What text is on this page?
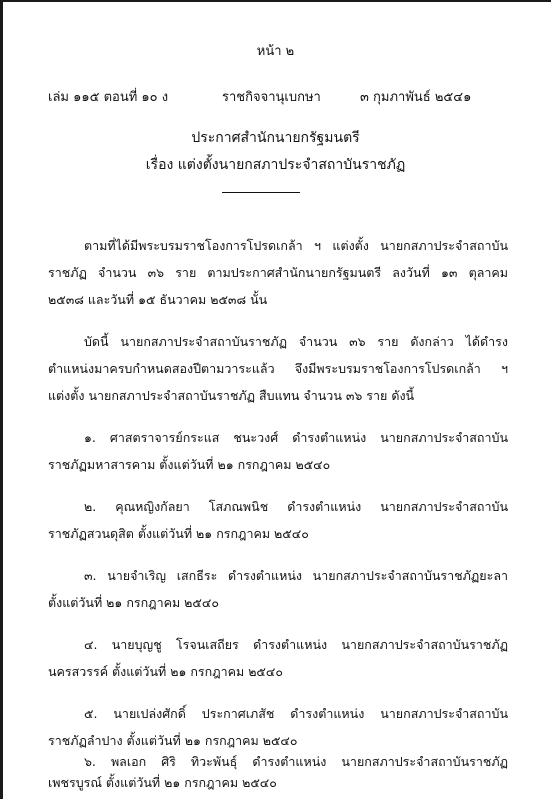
หน้า ๒
เล่ม ๑๑๕ ตอนที่ ๑๐ ง	ราชกิจจานุเบกษา	๓ กุมภาพันธ์ ๒๕๔๑
ประกาศสำนักนายกรัฐมนตรี
เรื่อง แต่งตั้งนายกสภาประจำสถาบันราชภัฏ
ตามที่ได้มีพระบรมราชโองการโปรดเกล้า ฯ แต่งตั้ง นายกสภาประจำสถาบัน
ราชภัฏ จำนวน ๓๖ ราย ตามประกาศสำนักนายกรัฐมนตรี ลงวันที่ ๑๓ ตุลาคม
๒๕๓๘ และวันที่ ๑๕ ธันวาคม ๒๕๓๘ นั้น
บัดนี้ นายกสภาประจำสถาบันราชภัฏ จำนวน ๓๖ ราย ดังกล่าว ได้ดำรง
ตำแหน่งมาครบกำหนดสองปีตามวาระแล้ว จึงมีพระบรมราชโองการโปรดเกล้า ฯ
แต่งตั้ง นายกสภาประจำสถาบันราชภัฏ สืบแทน จำนวน ๓๖ ราย ดังนี้
๑. ศาสตราจารย์กระแส ชนะวงศ์ ดำรงตำแหน่ง นายกสภาประจำสถาบัน
ราชภัฏมหาสารคาม ตั้งแต่วันที่ ๒๑ กรกฎาคม ๒๕๔๐
๒. คุณหญิงกัลยา โสภณพนิช ดำรงตำแหน่ง นายกสภาประจำสถาบัน
ราชภัฏสวนดุสิต ตั้งแต่วันที่ ๒๑ กรกฎาคม ๒๕๔๐
๓. นายจำเริญ เสกธีระ ดำรงตำแหน่ง นายกสภาประจำสถาบันราชภัฏยะลา
ตั้งแต่วันที่ ๒๑ กรกฎาคม ๒๕๔๐
๔. นายบุญชู โรจนเสถียร ดำรงตำแหน่ง นายกสภาประจำสถาบันราชภัฏ
นครสวรรค์ ตั้งแต่วันที่ ๒๑ กรกฎาคม ๒๕๔๐
๕. นายเปล่งศักดิ์ ประกาศเภสัช ดำรงตำแหน่ง นายกสภาประจำสถาบัน
ราชภัฏลำปาง ตั้งแต่วันที่ ๒๑ กรกฎาคม ๒๕๔๐
๖. พลเอก ศิริ ทิวะพันธุ์ ดำรงตำแหน่ง นายกสภาประจำสถาบันราชภัฏ
เพชรบูรณ์ ตั้งแต่วันที่ ๒๑ กรกฎาคม ๒๕๔๐
